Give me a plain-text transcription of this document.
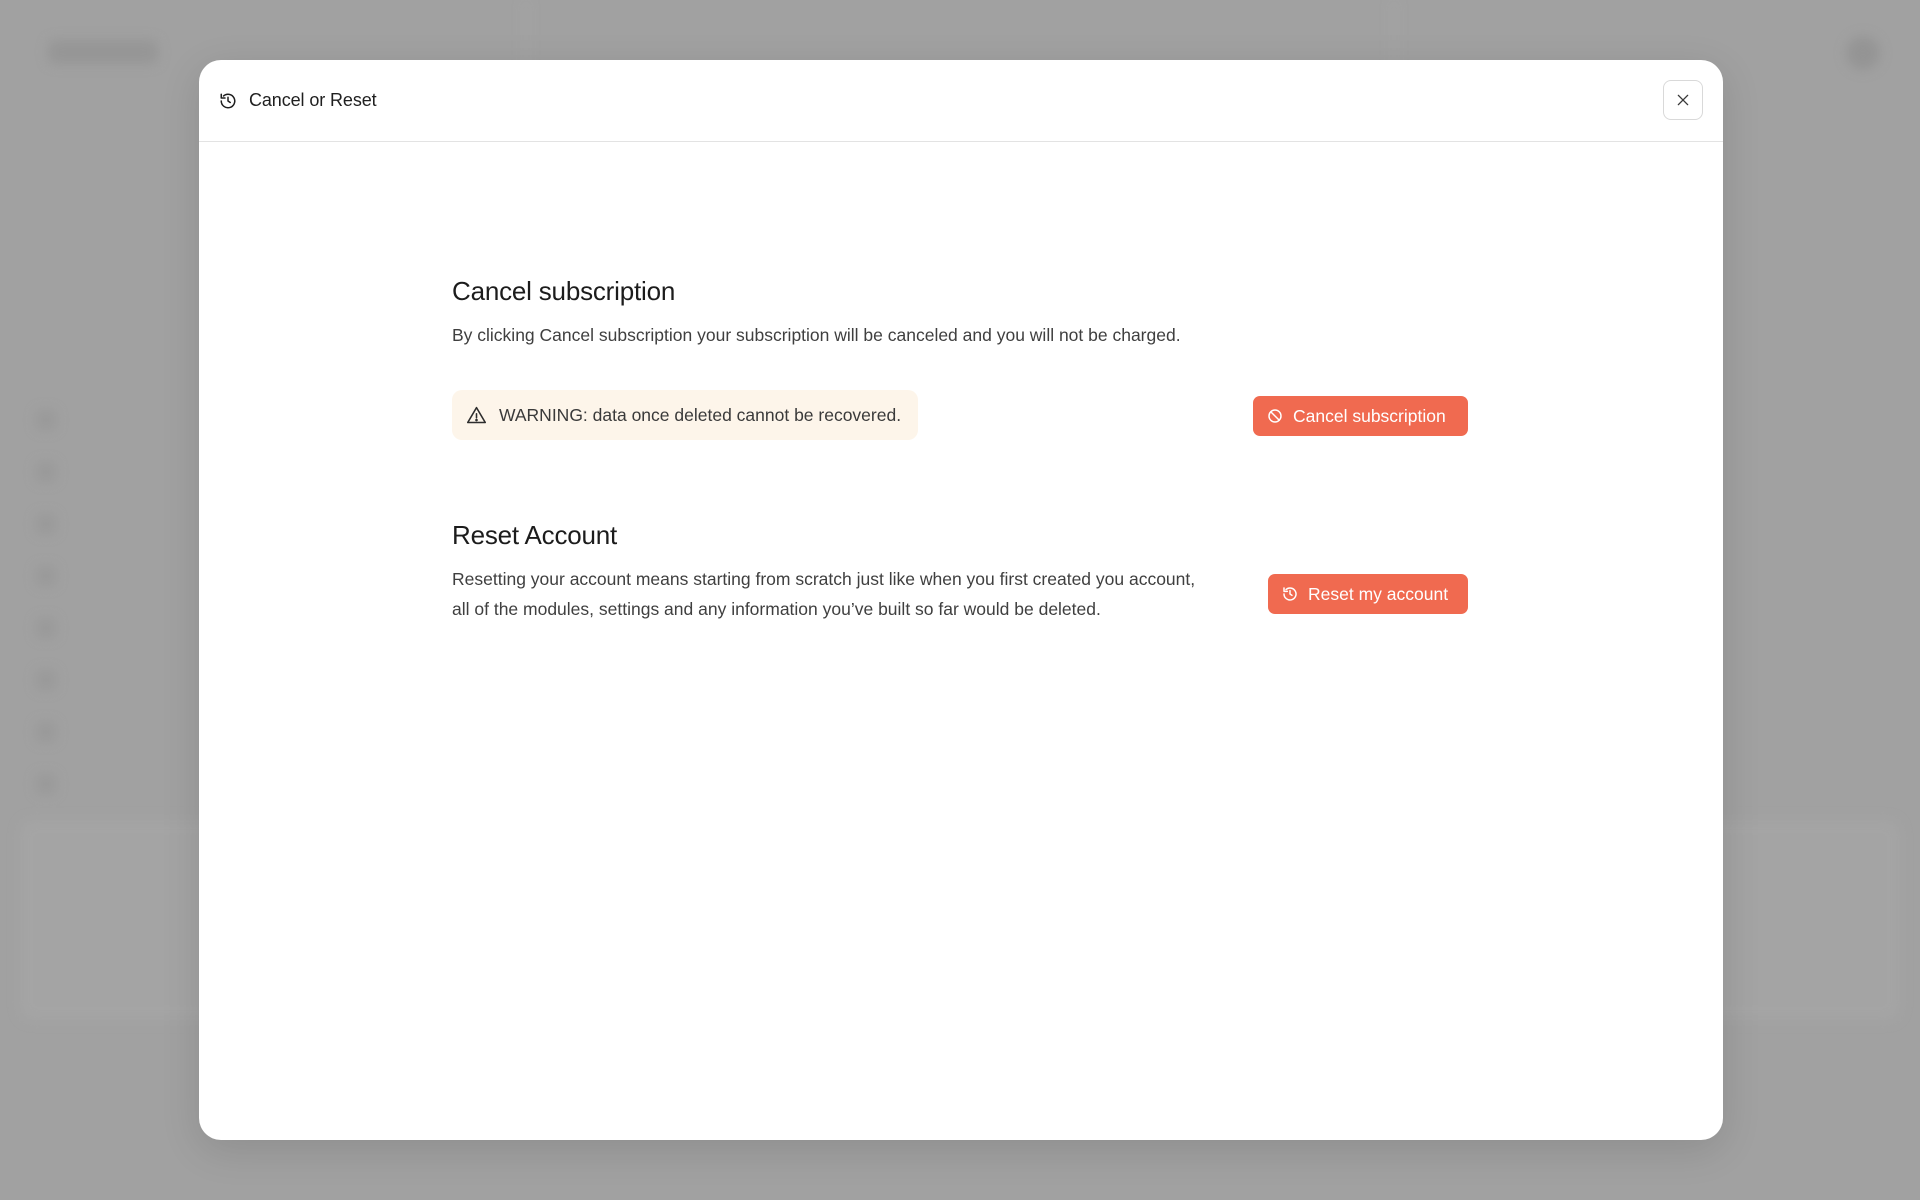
Cancel or Reset
Cancel subscription
By clicking Cancel subscription your subscription will be canceled and you will not be charged.
WARNING: data once deleted cannot be recovered.	Cancel subscription
Reset Account
Resetting your account means starting from scratch just like when you first created you account,
all of the modules, settings and any information you’ve built so far would be deleted.
Reset my account
